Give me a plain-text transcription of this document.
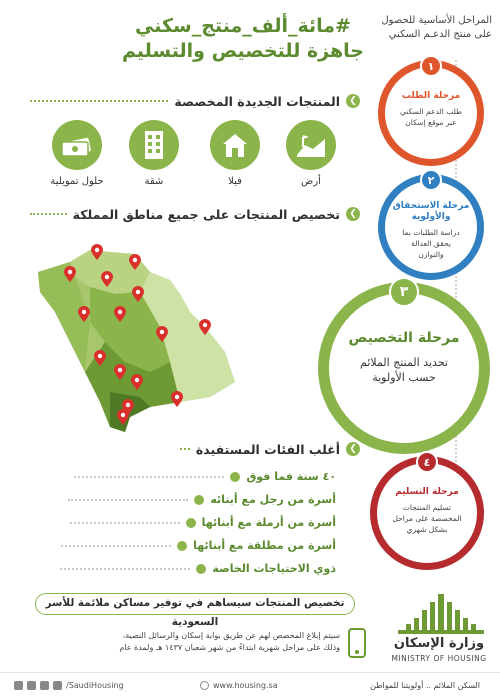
المراحل الأساسية للحصول على منتج الدعـم السكني
#مائة_ألف_منتج_سكني
جاهزة للتخصيص والتسليم
المنتجات الجديدة المخصصة	❮
أرض
فيلا
شقة
حلول تمويلية
تخصيص المنتجات على جميع مناطق المملكة	❮
١
مرحلة الطلب
طلب الدعم السكني عبر موقع إسكان
٢
مرحلة الاستحقاق والأولوية
دراسة الطلبات بما يحقق العدالة والتوازن
٣
مرحلة التخصيص
تحديد المنتج الملائم حسب الأولوية
٤
مرحلة التسليم
تسليم المنتجات المخصصة على مراحل بشكل شهري
أغلب الفئات المستفيدة	❮
٤٠ سنة فما فوق
أسرة من رجل مع أبنائه
أسرة من أرملة مع أبنائها
أسرة من مطلقة مع أبنائها
ذوي الاحتياجات الخاصة
تخصيص المنتجات سيساهم في توفير مساكن ملائمة للأسر السعودية
سيتم إبلاغ المخصص لهم عن طريق بوابة إسكان والرسائل النصية،
وذلك على مراحل شهرية ابتداءً من شهر شعبان ١٤٣٧ هـ ولمدة عام	وزارة الإسكان
MINISTRY OF HOUSING
/SaudiHousing	www.housing.sa	السكن الملائم .. أولويتنا للمواطن
